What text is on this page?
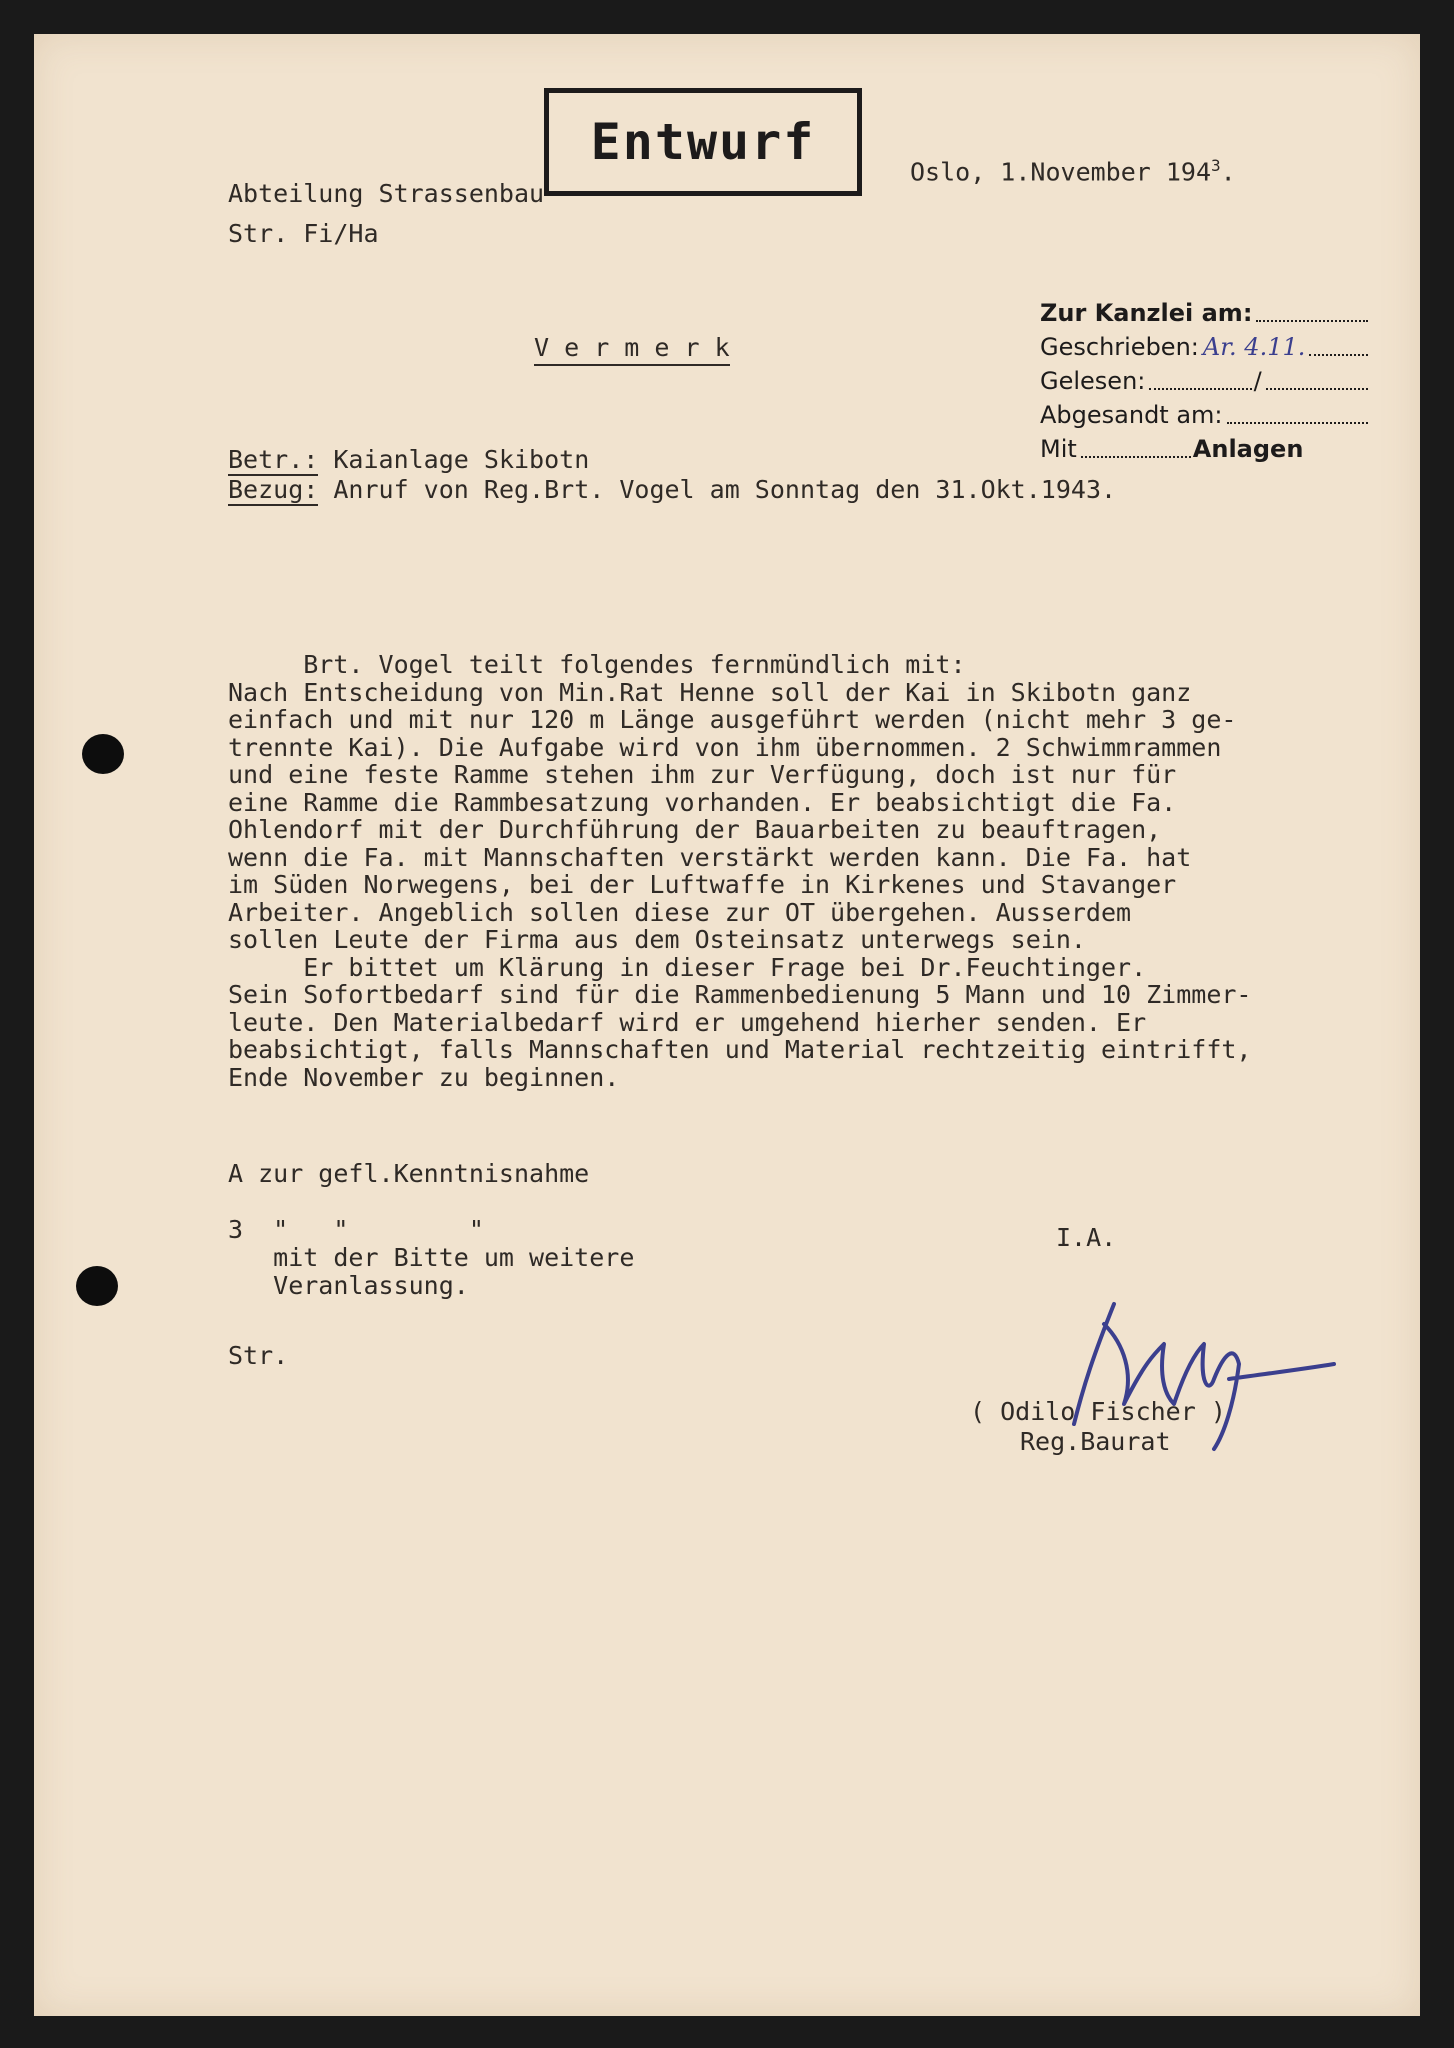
Entwurf
Oslo, 1.November $194^3$.
Abteilung Strassenbau
Str. Fi/Ha
Zur Kanzlei am:
Geschrieben: Ar. 4.11.
Gelesen:	/
Abgesandt am:
Mit	Anlagen
V e r m e r k
Betr.: Kaianlage Skibotn
Bezug: Anruf von Reg.Brt. Vogel am Sonntag den 31.Okt.1943.
Brt. Vogel teilt folgendes fernmündlich mit:
Nach Entscheidung von Min.Rat Henne soll der Kai in Skibotn ganz
einfach und mit nur 120 m Länge ausgeführt werden (nicht mehr 3 ge-
trennte Kai). Die Aufgabe wird von ihm übernommen. 2 Schwimmrammen
und eine feste Ramme stehen ihm zur Verfügung, doch ist nur für
eine Ramme die Rammbesatzung vorhanden. Er beabsichtigt die Fa.
Ohlendorf mit der Durchführung der Bauarbeiten zu beauftragen,
wenn die Fa. mit Mannschaften verstärkt werden kann. Die Fa. hat
im Süden Norwegens, bei der Luftwaffe in Kirkenes und Stavanger
Arbeiter. Angeblich sollen diese zur OT übergehen. Ausserdem
sollen Leute der Firma aus dem Osteinsatz unterwegs sein.
Er bittet um Klärung in dieser Frage bei Dr.Feuchtinger.
Sein Sofortbedarf sind für die Rammenbedienung 5 Mann und 10 Zimmer-
leute. Den Materialbedarf wird er umgehend hierher senden. Er
beabsichtigt, falls Mannschaften und Material rechtzeitig eintrifft,
Ende November zu beginnen.
A zur gefl.Kenntnisnahme
3  "   "        "
mit der Bitte um weitere
Veranlassung.
Str.
I.A.
( Odilo Fischer )
Reg.Baurat
